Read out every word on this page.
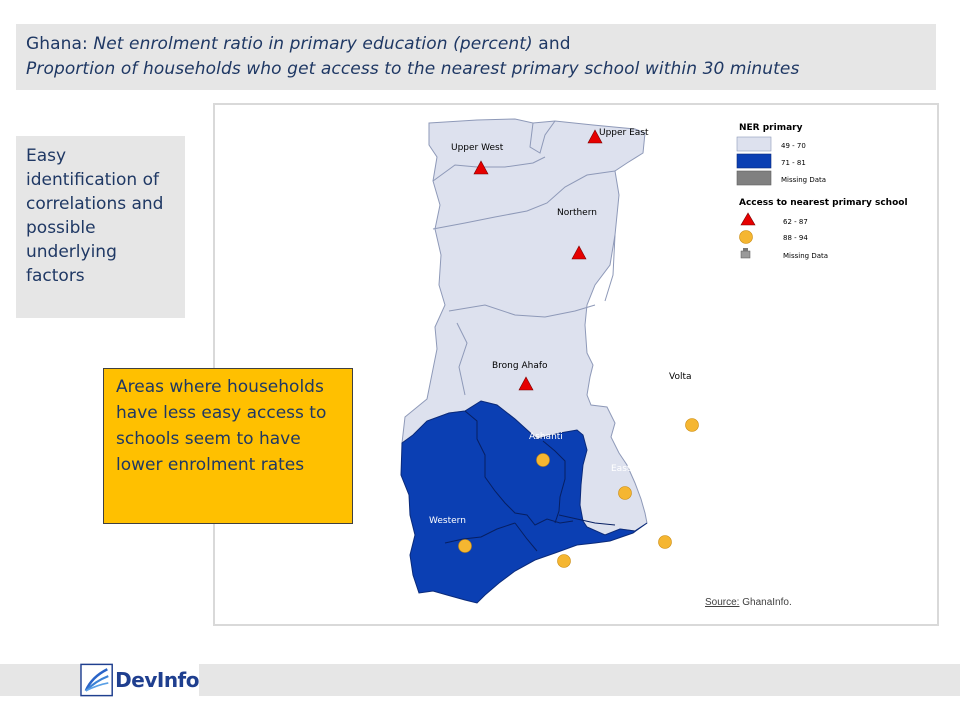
Ghana: Net enrolment ratio in primary education (percent) and
Proportion of households who get access to the nearest primary school within 30 minutes
Easy identification of correlations and possible underlying factors
Upper West
Upper East
Northern
Brong Ahafo
Volta
Ashanti
Eastern
Western
Central
Greater Accra
NER primary
49 - 70
71 - 81
Missing Data
Access to nearest primary school
62 - 87
88 - 94
Missing Data
Source: GhanaInfo.
Areas where households have less easy access to schools seem to have lower enrolment rates
DevInfo
